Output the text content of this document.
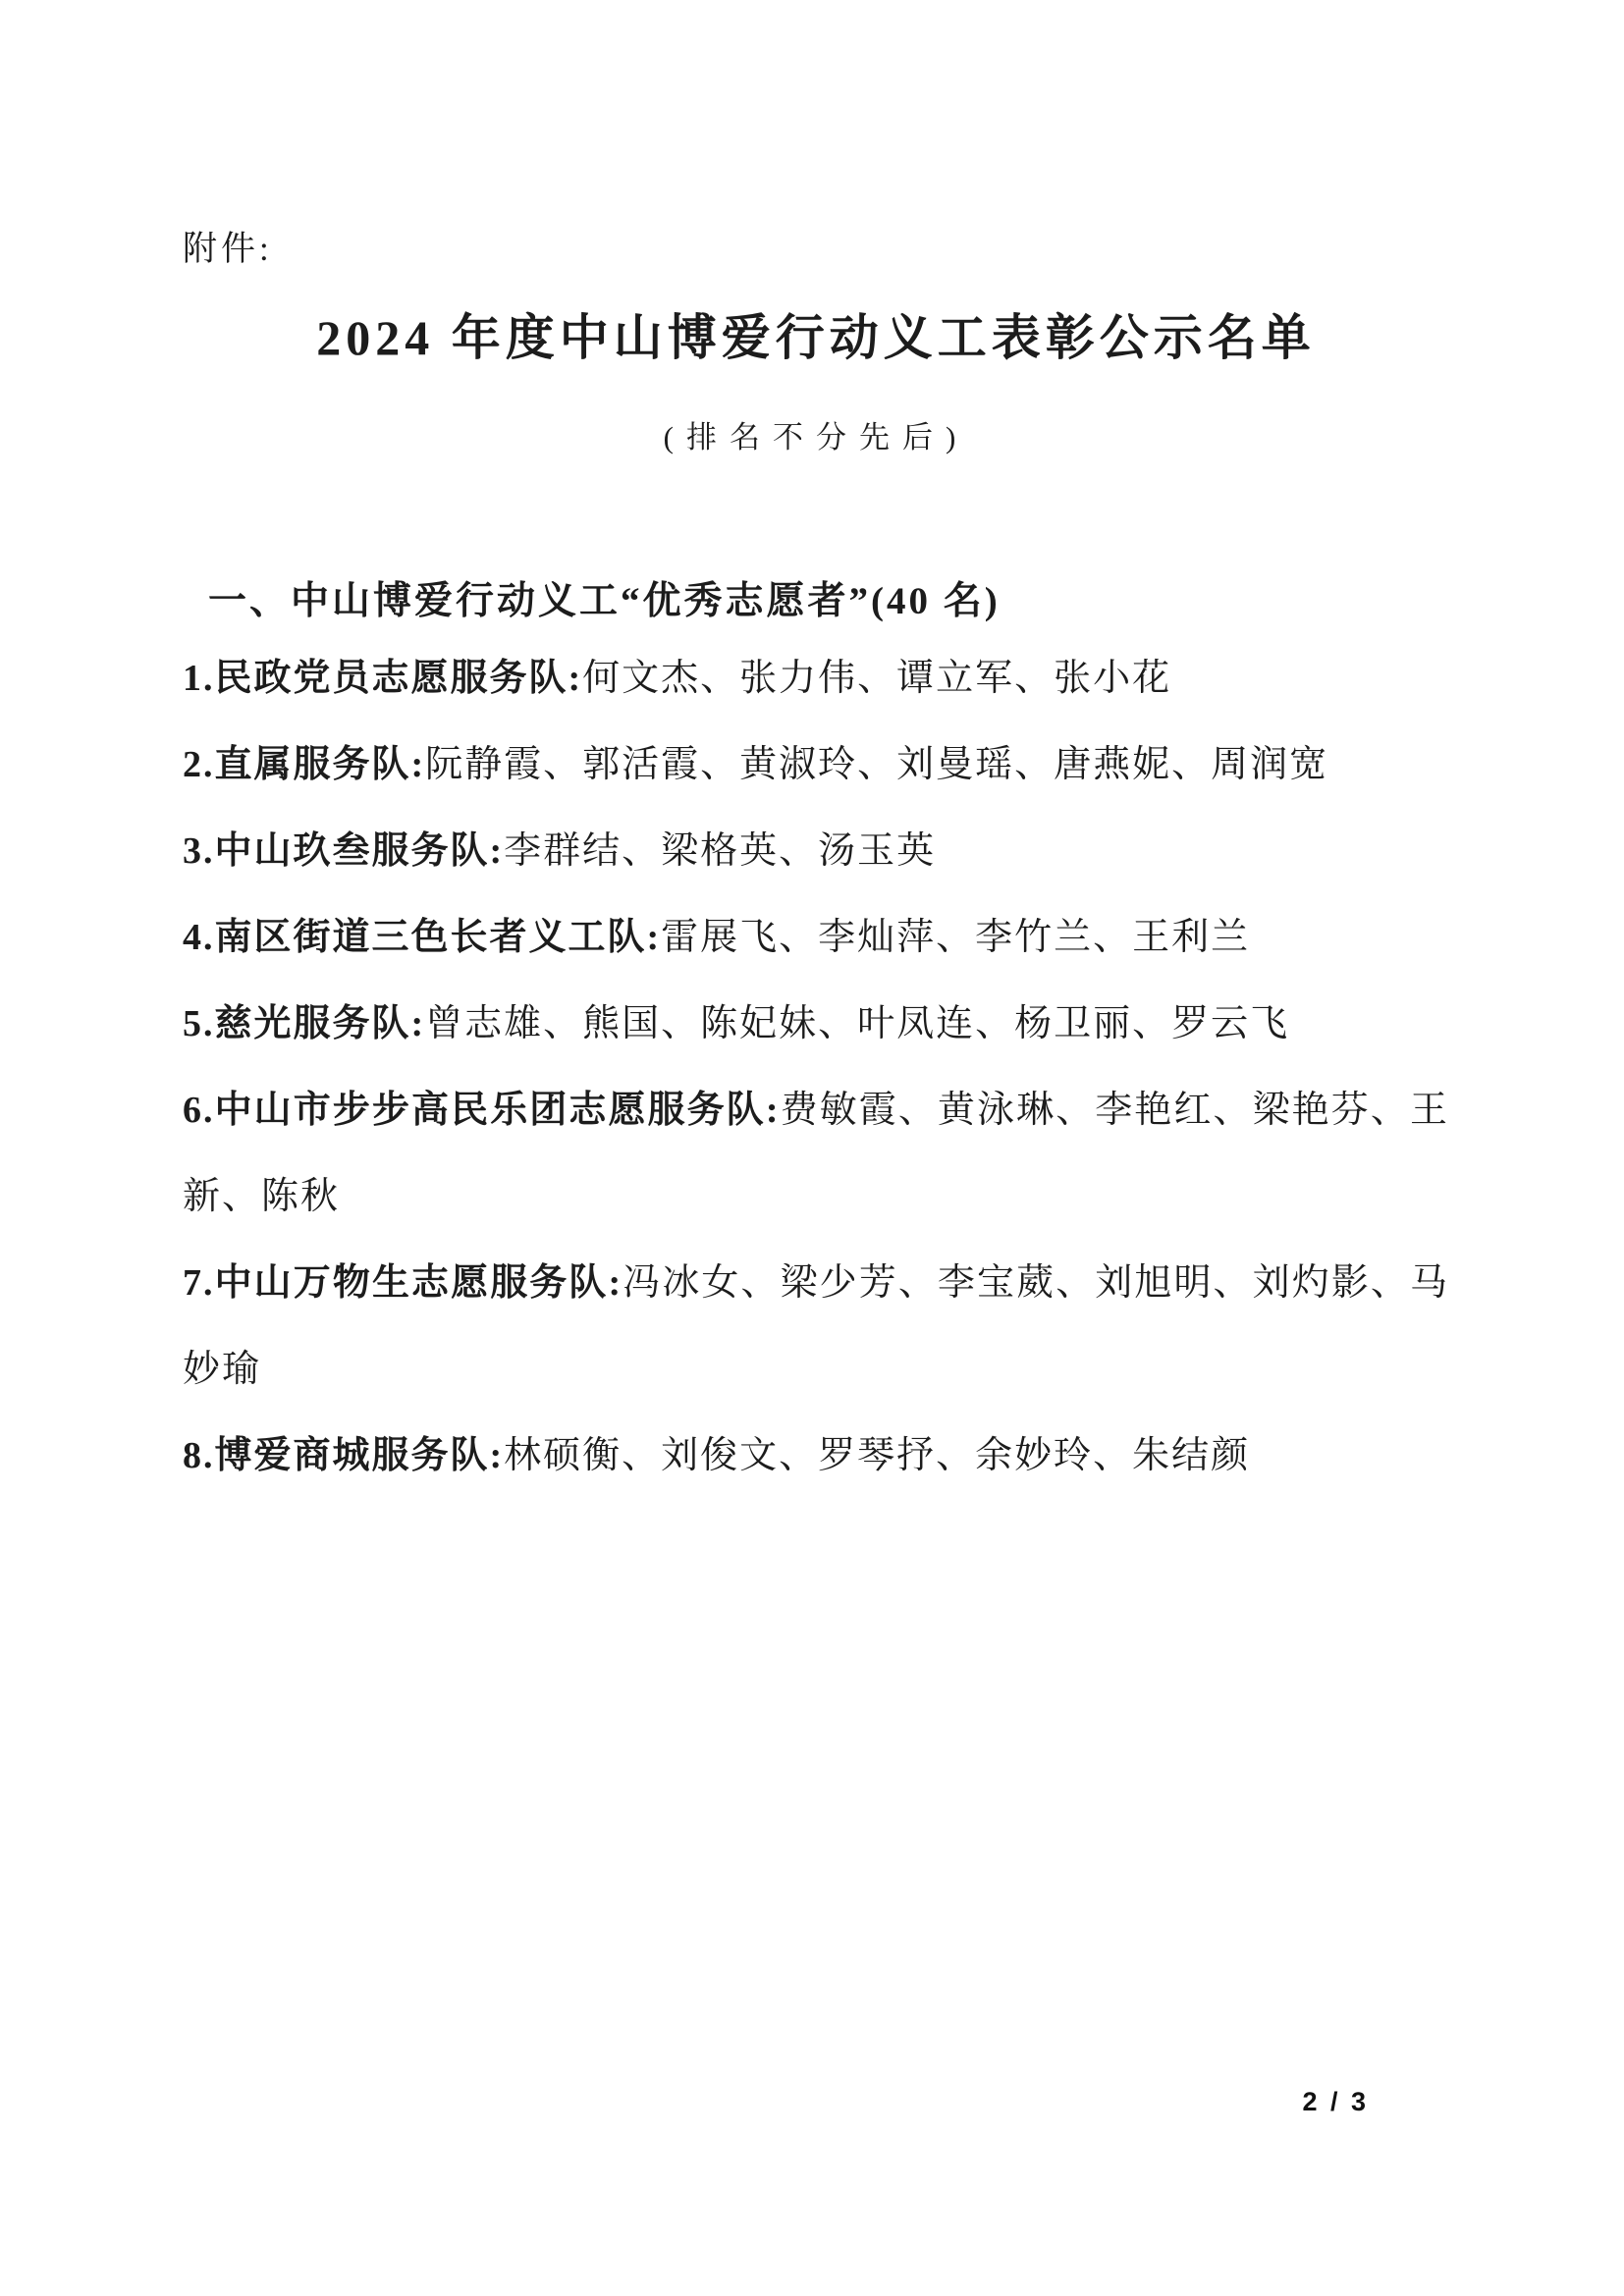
附件:
2024 年度中山博爱行动义工表彰公示名单
(排名不分先后)
一、中山博爱行动义工“优秀志愿者”(40 名)

1.民政党员志愿服务队:何文杰、张力伟、谭立军、张小花

2.直属服务队:阮静霞、郭活霞、黄淑玲、刘曼瑶、唐燕妮、周润宽

3.中山玖叁服务队:李群结、梁格英、汤玉英

4.南区街道三色长者义工队:雷展飞、李灿萍、李竹兰、王利兰

5.慈光服务队:曾志雄、熊国、陈妃妹、叶凤连、杨卫丽、罗云飞

6.中山市步步高民乐团志愿服务队:费敏霞、黄泳琳、李艳红、梁艳芬、王新、陈秋

7.中山万物生志愿服务队:冯冰女、梁少芳、李宝葳、刘旭明、刘灼影、马妙瑜

8.博爱商城服务队:林硕衡、刘俊文、罗琴抒、余妙玲、朱结颜

2 / 3
